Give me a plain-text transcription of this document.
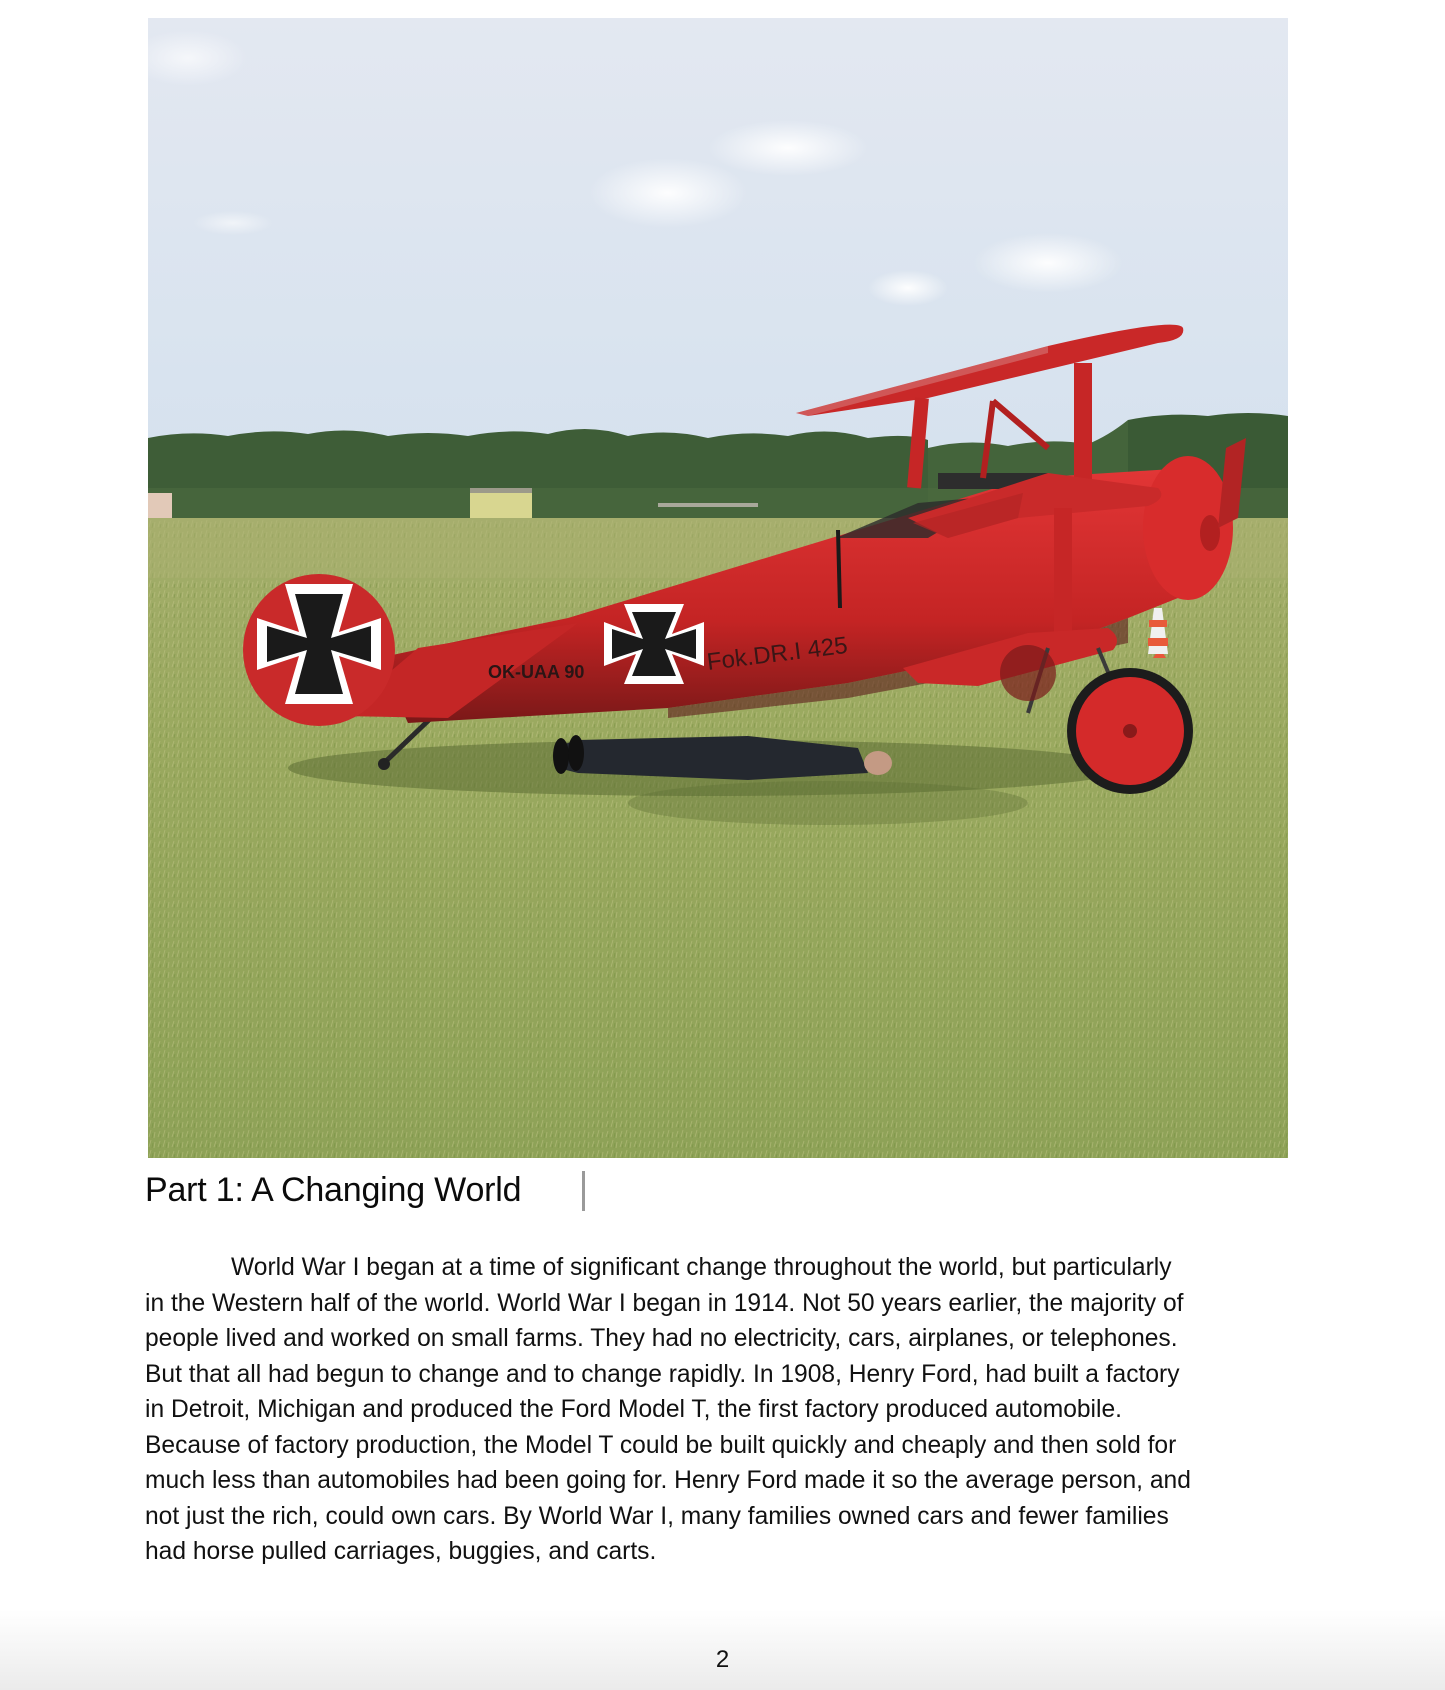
OK-UAA 90	Fok.DR.I 425
Part 1: A Changing World

World War I began at a time of significant change throughout the world, but particularly
in the Western half of the world. World War I began in 1914. Not 50 years earlier, the majority of
people lived and worked on small farms. They had no electricity, cars, airplanes, or telephones.
But that all had begun to change and to change rapidly. In 1908, Henry Ford, had built a factory
in Detroit, Michigan and produced the Ford Model T, the first factory produced automobile.
Because of factory production, the Model T could be built quickly and cheaply and then sold for
much less than automobiles had been going for. Henry Ford made it so the average person, and
not just the rich, could own cars. By World War I, many families owned cars and fewer families
had horse pulled carriages, buggies, and carts.

2
